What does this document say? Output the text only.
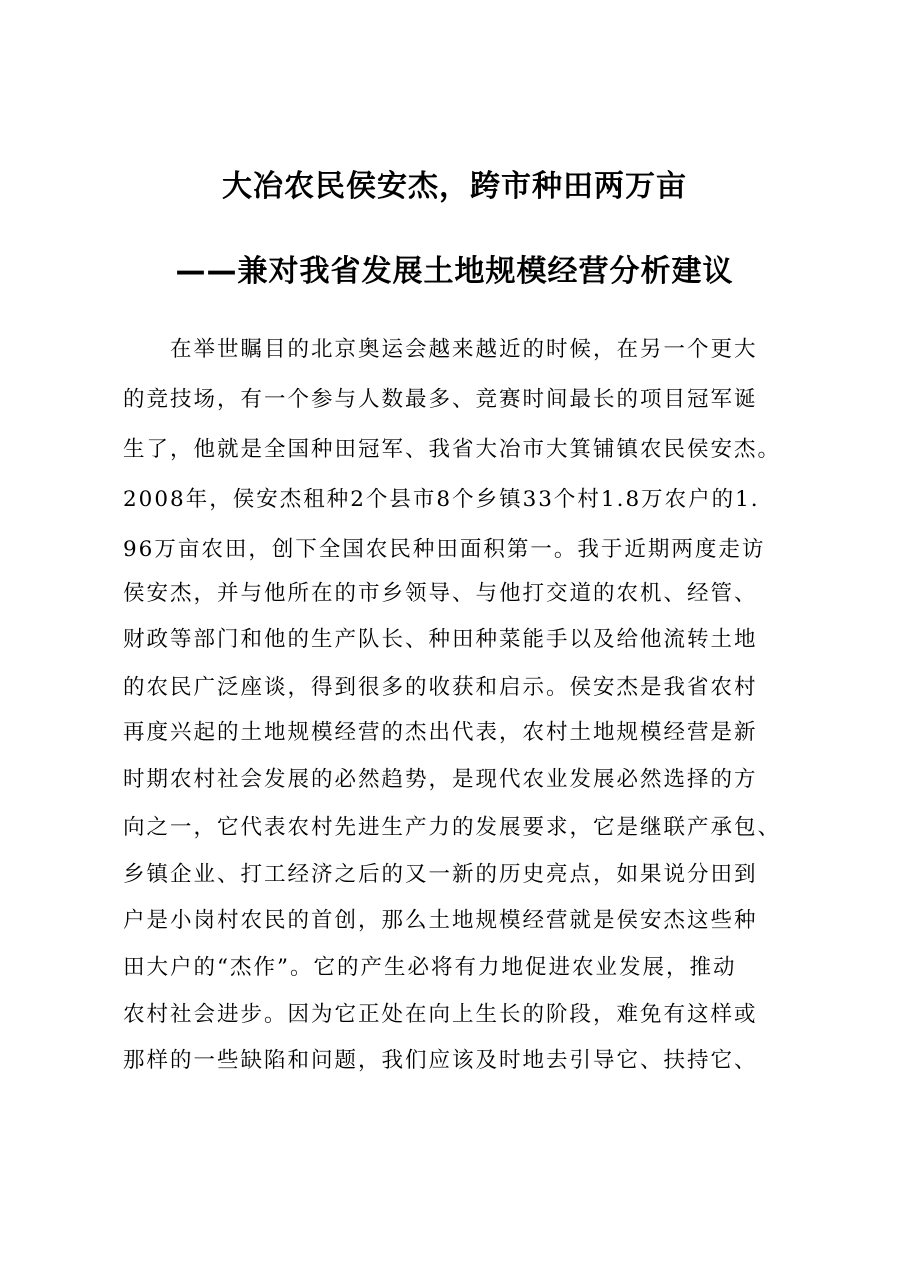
大冶农民侯安杰，跨市种田两万亩
——兼对我省发展土地规模经营分析建议
　　在举世瞩目的北京奥运会越来越近的时候，在另一个更大
的竞技场，有一个参与人数最多、竞赛时间最长的项目冠军诞
生了，他就是全国种田冠军、我省大冶市大箕铺镇农民侯安杰。
2008年，侯安杰租种2个县市8个乡镇33个村1.8万农户的1.
96万亩农田，创下全国农民种田面积第一。我于近期两度走访
侯安杰，并与他所在的市乡领导、与他打交道的农机、经管、
财政等部门和他的生产队长、种田种菜能手以及给他流转土地
的农民广泛座谈，得到很多的收获和启示。侯安杰是我省农村
再度兴起的土地规模经营的杰出代表，农村土地规模经营是新
时期农村社会发展的必然趋势，是现代农业发展必然选择的方
向之一，它代表农村先进生产力的发展要求，它是继联产承包、
乡镇企业、打工经济之后的又一新的历史亮点，如果说分田到
户是小岗村农民的首创，那么土地规模经营就是侯安杰这些种
田大户的“杰作”。它的产生必将有力地促进农业发展，推动
农村社会进步。因为它正处在向上生长的阶段，难免有这样或
那样的一些缺陷和问题，我们应该及时地去引导它、扶持它、
